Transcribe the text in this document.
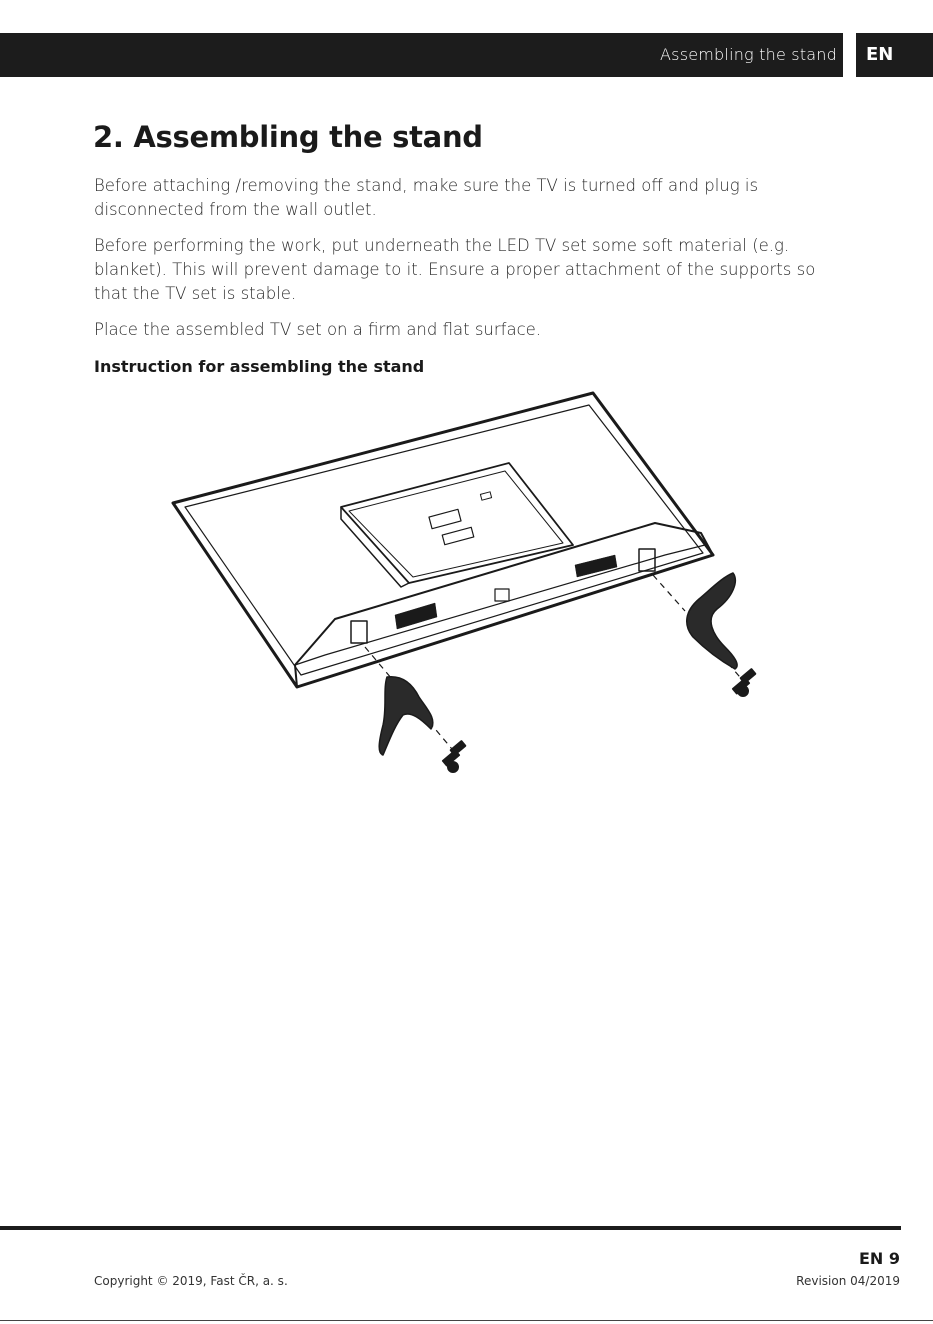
Assembling the stand EN
2. Assembling the stand

Before attaching /removing the stand, make sure the TV is turned off and plug is disconnected from the wall outlet.

Before performing the work, put underneath the LED TV set some soft material (e.g. blanket). This will prevent damage to it. Ensure a proper attachment of the supports so that the TV set is stable.

Place the assembled TV set on a firm and flat surface.

Instruction for assembling the stand

Copyright © 2019, Fast ČR, a. s.
EN 9
Revision 04/2019
